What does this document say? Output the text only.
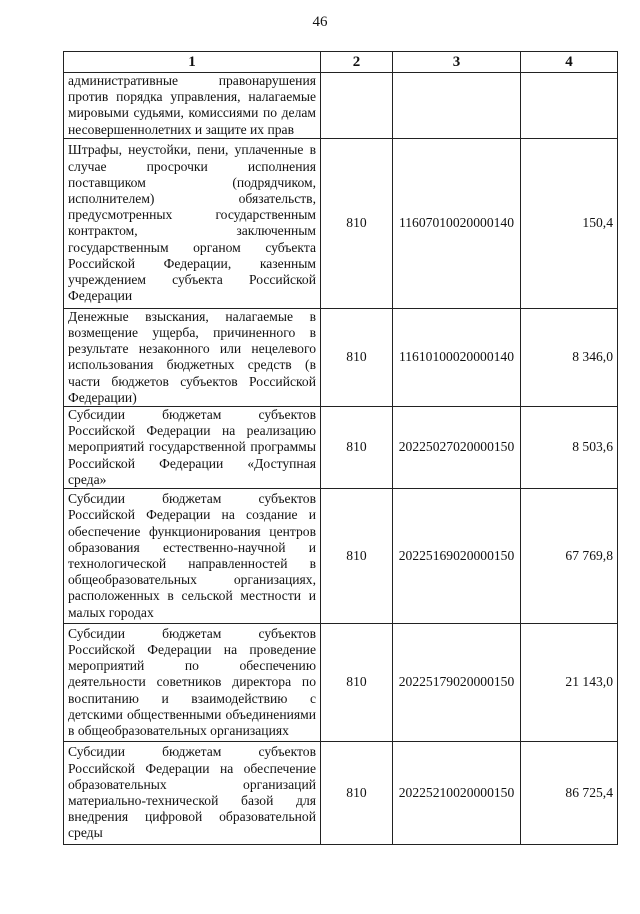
46
1	2	3	4
административные правонарушения против порядка управления, налагаемые мировыми судьями, комиссиями по делам несовершеннолетних и защите их прав			
Штрафы, неустойки, пени, уплаченные в случае просрочки исполнения поставщиком (подрядчиком, исполнителем) обязательств, предусмотренных государственным контрактом, заключенным государственным органом субъекта Российской Федерации, казенным учреждением субъекта Российской Федерации	810	11607010020000140	150,4
Денежные взыскания, налагаемые в возмещение ущерба, причиненного в результате незаконного или нецелевого использования бюджетных средств (в части бюджетов субъектов Российской Федерации)	810	11610100020000140	8 346,0
Субсидии бюджетам субъектов Российской Федерации на реализацию мероприятий государственной программы Российской Федерации «Доступная среда»	810	20225027020000150	8 503,6
Субсидии бюджетам субъектов Российской Федерации на создание и обеспечение функционирования центров образования естественно-научной и технологической направленностей в общеобразовательных организациях, расположенных в сельской местности и малых городах	810	20225169020000150	67 769,8
Субсидии бюджетам субъектов Российской Федерации на проведение мероприятий по обеспечению деятельности советников директора по воспитанию и взаимодействию с детскими общественными объединениями в общеобразовательных организациях	810	20225179020000150	21 143,0
Субсидии бюджетам субъектов Российской Федерации на обеспечение образовательных организаций материально-технической базой для внедрения цифровой образовательной среды	810	20225210020000150	86 725,4
